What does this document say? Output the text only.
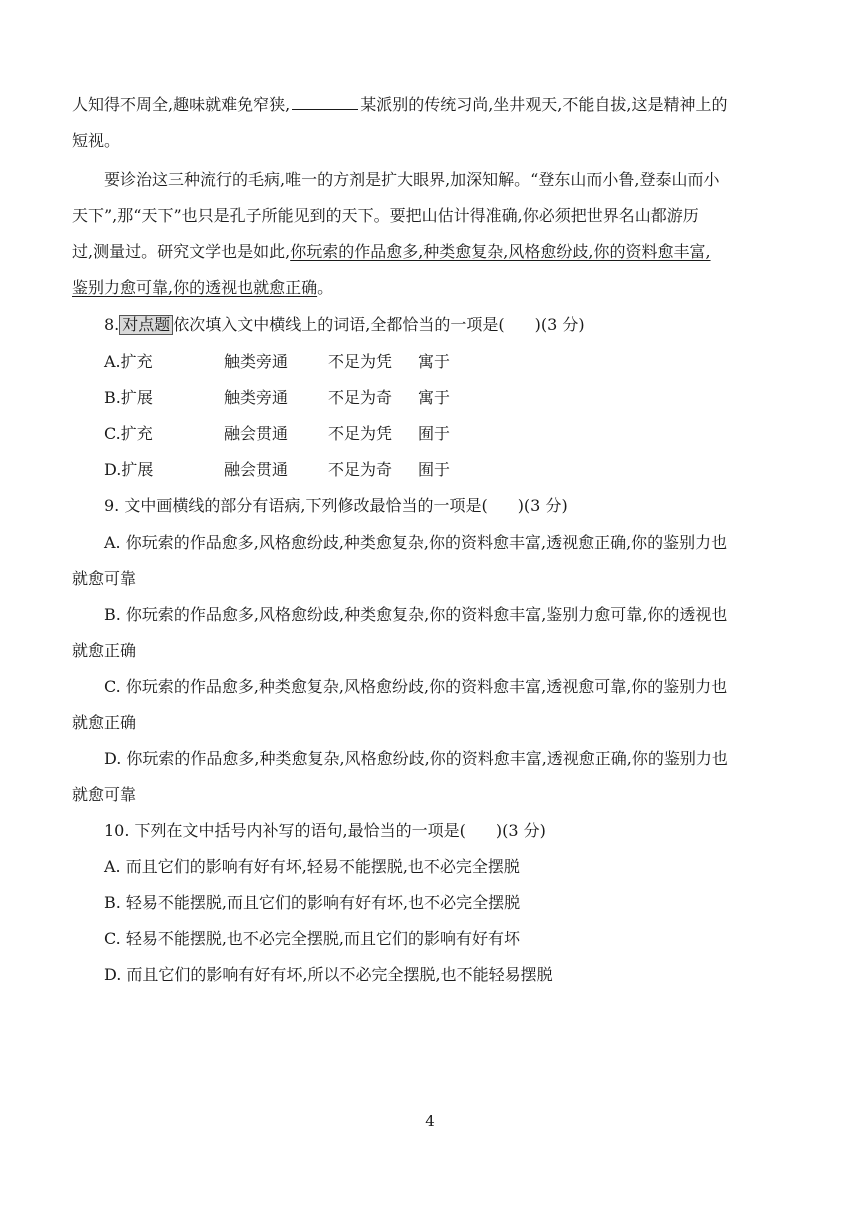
人知得不周全,趣味就难免窄狭,	某派别的传统习尚,坐井观天,不能自拔,这是精神上的
短视。
要诊治这三种流行的毛病,唯一的方剂是扩大眼界,加深知解。“登东山而小鲁,登泰山而小
天下”,那“天下”也只是孔子所能见到的天下。要把山估计得准确,你必须把世界名山都游历
过,测量过。研究文学也是如此,你玩索的作品愈多,种类愈复杂,风格愈纷歧,你的资料愈丰富,
鉴别力愈可靠,你的透视也就愈正确。
8. 对点题 依次填入文中横线上的词语,全都恰当的一项是( )(3 分)
A.扩充	触类旁通 不足为凭 寓于
B.扩展	触类旁通 不足为奇 寓于
C.扩充	融会贯通 不足为凭 囿于
D.扩展	融会贯通 不足为奇 囿于
9. 文中画横线的部分有语病,下列修改最恰当的一项是( )(3 分)
A. 你玩索的作品愈多,风格愈纷歧,种类愈复杂,你的资料愈丰富,透视愈正确,你的鉴别力也
就愈可靠
B. 你玩索的作品愈多,风格愈纷歧,种类愈复杂,你的资料愈丰富,鉴别力愈可靠,你的透视也
就愈正确
C. 你玩索的作品愈多,种类愈复杂,风格愈纷歧,你的资料愈丰富,透视愈可靠,你的鉴别力也
就愈正确
D. 你玩索的作品愈多,种类愈复杂,风格愈纷歧,你的资料愈丰富,透视愈正确,你的鉴别力也
就愈可靠
10. 下列在文中括号内补写的语句,最恰当的一项是( )(3 分)
A. 而且它们的影响有好有坏,轻易不能摆脱,也不必完全摆脱
B. 轻易不能摆脱,而且它们的影响有好有坏,也不必完全摆脱
C. 轻易不能摆脱,也不必完全摆脱,而且它们的影响有好有坏
D. 而且它们的影响有好有坏,所以不必完全摆脱,也不能轻易摆脱
4
